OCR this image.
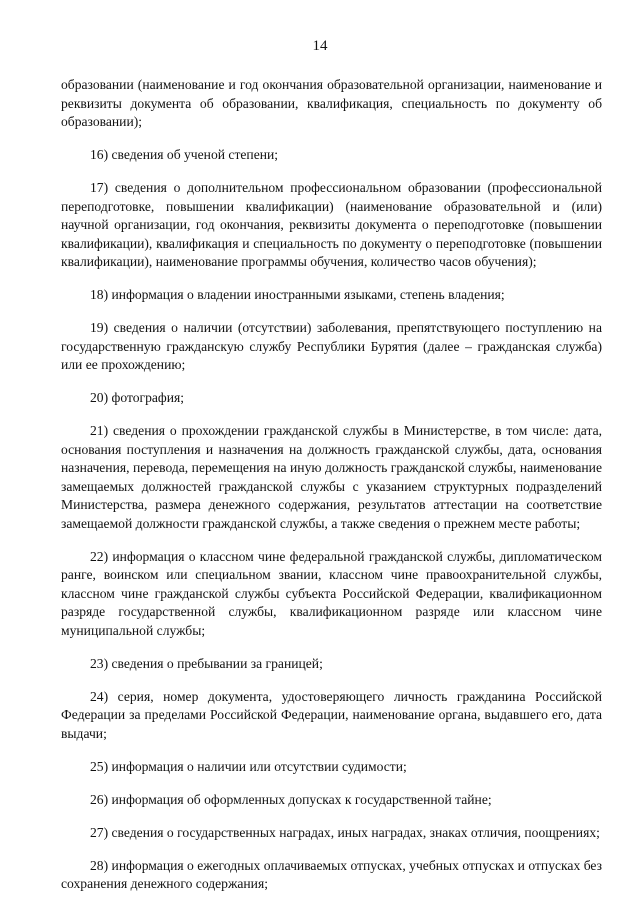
14

образовании (наименование и год окончания образовательной организации, наименование и реквизиты документа об образовании, квалификация, специальность по документу об образовании);

16) сведения об ученой степени;

17) сведения о дополнительном профессиональном образовании (профессиональной переподготовке, повышении квалификации) (наименование образовательной и (или) научной организации, год окончания, реквизиты документа о переподготовке (повышении квалификации), квалификация и специальность по документу о переподготовке (повышении квалификации), наименование программы обучения, количество часов обучения);

18) информация о владении иностранными языками, степень владения;

19) сведения о наличии (отсутствии) заболевания, препятствующего поступлению на государственную гражданскую службу Республики Бурятия (далее – гражданская служба) или ее прохождению;

20) фотография;

21) сведения о прохождении гражданской службы в Министерстве, в том числе: дата, основания поступления и назначения на должность гражданской службы, дата, основания назначения, перевода, перемещения на иную должность гражданской службы, наименование замещаемых должностей гражданской службы с указанием структурных подразделений Министерства, размера денежного содержания, результатов аттестации на соответствие замещаемой должности гражданской службы, а также сведения о прежнем месте работы;

22) информация о классном чине федеральной гражданской службы, дипломатическом ранге, воинском или специальном звании, классном чине правоохранительной службы, классном чине гражданской службы субъекта Российской Федерации, квалификационном разряде государственной службы, квалификационном разряде или классном чине муниципальной службы;

23) сведения о пребывании за границей;

24) серия, номер документа, удостоверяющего личность гражданина Российской Федерации за пределами Российской Федерации, наименование органа, выдавшего его, дата выдачи;

25) информация о наличии или отсутствии судимости;

26) информация об оформленных допусках к государственной тайне;

27) сведения о государственных наградах, иных наградах, знаках отличия, поощрениях;

28) информация о ежегодных оплачиваемых отпусках, учебных отпусках и отпусках без сохранения денежного содержания;
